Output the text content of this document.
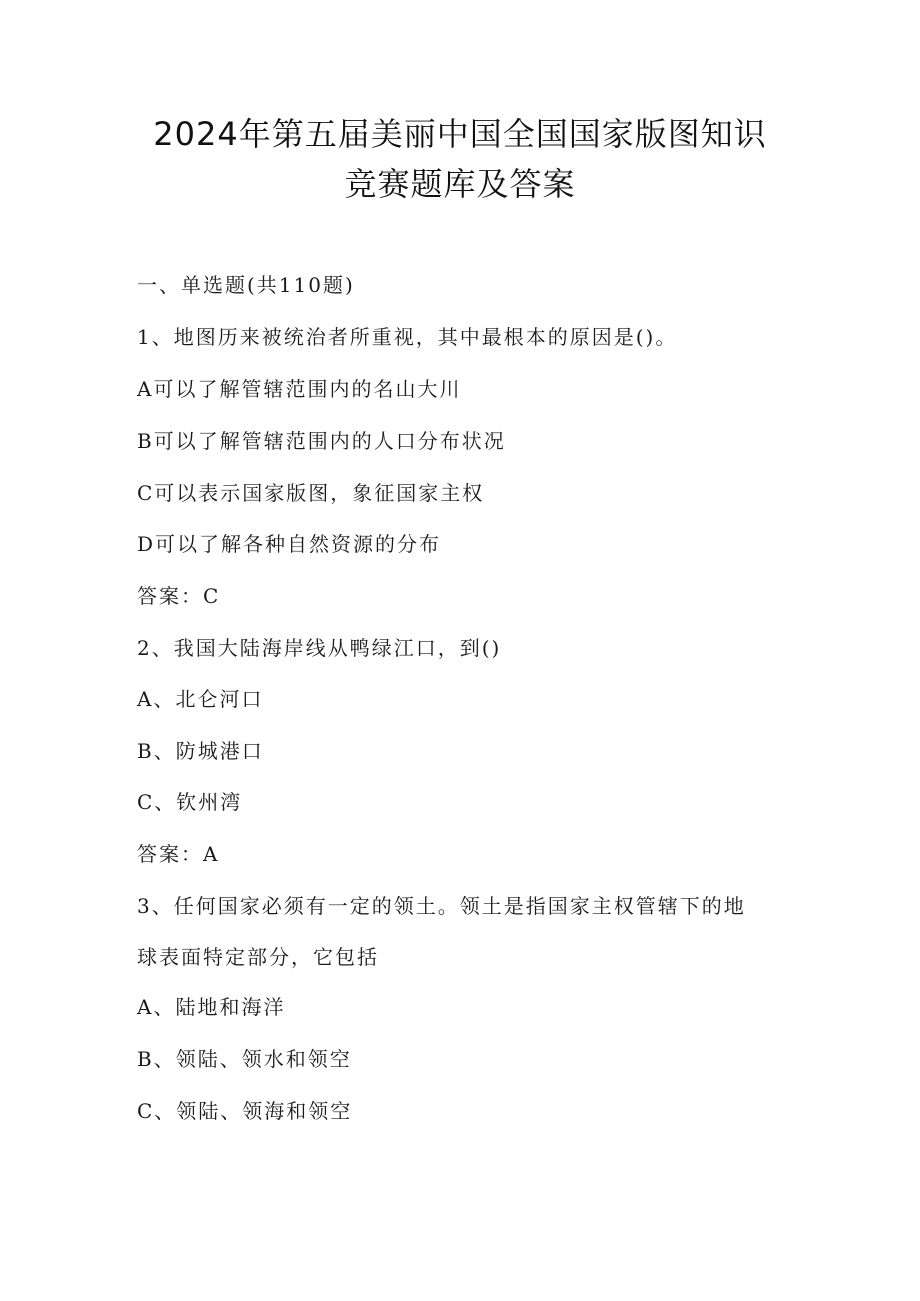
2024年第五届美丽中国全国国家版图知识
竞赛题库及答案
一、单选题(共110题)
1、地图历来被统治者所重视，其中最根本的原因是()。
A可以了解管辖范围内的名山大川
B可以了解管辖范围内的人口分布状况
C可以表示国家版图，象征国家主权
D可以了解各种自然资源的分布
答案：C
2、我国大陆海岸线从鸭绿江口，到()
A、北仑河口
B、防城港口
C、钦州湾
答案：A
3、任何国家必须有一定的领土。领土是指国家主权管辖下的地
球表面特定部分，它包括
A、陆地和海洋
B、领陆、领水和领空
C、领陆、领海和领空
